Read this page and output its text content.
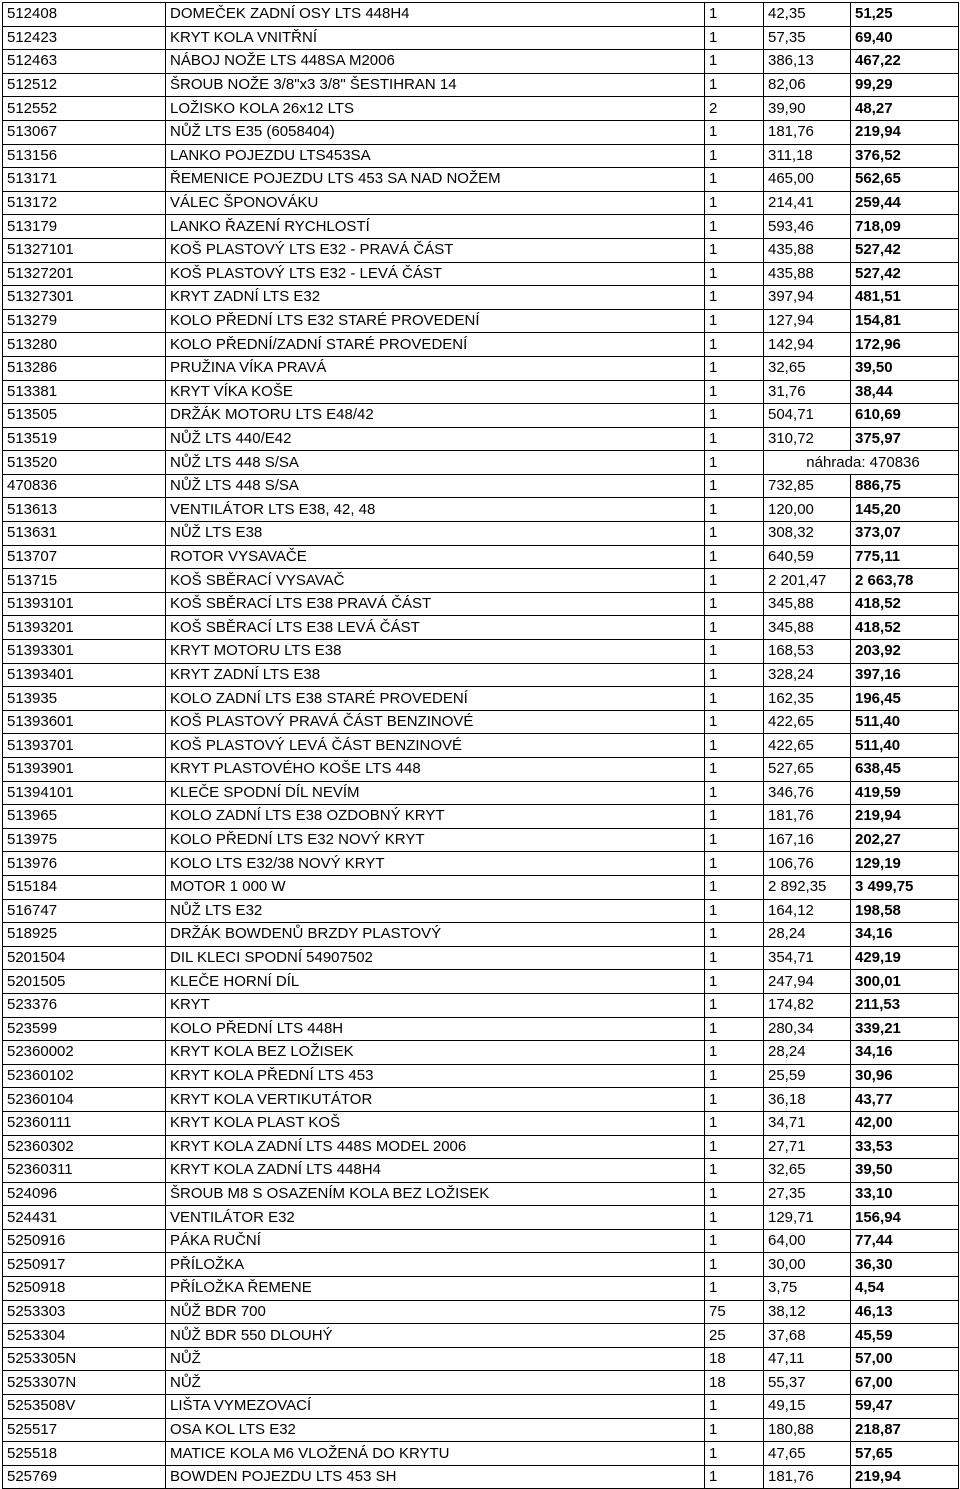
512408	DOMEČEK ZADNÍ OSY LTS 448H4	1	42,35	51,25
512423	KRYT KOLA VNITŘNÍ	1	57,35	69,40
512463	NÁBOJ NOŽE LTS 448SA M2006	1	386,13	467,22
512512	ŠROUB NOŽE 3/8"x3 3/8" ŠESTIHRAN 14	1	82,06	99,29
512552	LOŽISKO KOLA 26x12 LTS	2	39,90	48,27
513067	NŮŽ LTS E35 (6058404)	1	181,76	219,94
513156	LANKO POJEZDU LTS453SA	1	311,18	376,52
513171	ŘEMENICE POJEZDU LTS 453 SA NAD NOŽEM	1	465,00	562,65
513172	VÁLEC ŠPONOVÁKU	1	214,41	259,44
513179	LANKO ŘAZENÍ RYCHLOSTÍ	1	593,46	718,09
51327101	KOŠ PLASTOVÝ LTS E32 - PRAVÁ ČÁST	1	435,88	527,42
51327201	KOŠ PLASTOVÝ LTS E32 - LEVÁ ČÁST	1	435,88	527,42
51327301	KRYT ZADNÍ LTS E32	1	397,94	481,51
513279	KOLO PŘEDNÍ LTS E32 STARÉ PROVEDENÍ	1	127,94	154,81
513280	KOLO PŘEDNÍ/ZADNÍ STARÉ PROVEDENÍ	1	142,94	172,96
513286	PRUŽINA VÍKA PRAVÁ	1	32,65	39,50
513381	KRYT VÍKA KOŠE	1	31,76	38,44
513505	DRŽÁK MOTORU LTS E48/42	1	504,71	610,69
513519	NŮŽ LTS 440/E42	1	310,72	375,97
513520	NŮŽ LTS 448 S/SA	1	náhrada: 470836	
470836	NŮŽ LTS 448 S/SA	1	732,85	886,75
513613	VENTILÁTOR LTS E38, 42, 48	1	120,00	145,20
513631	NŮŽ LTS E38	1	308,32	373,07
513707	ROTOR VYSAVAČE	1	640,59	775,11
513715	KOŠ SBĚRACÍ VYSAVAČ	1	2 201,47	2 663,78
51393101	KOŠ SBĚRACÍ LTS E38 PRAVÁ ČÁST	1	345,88	418,52
51393201	KOŠ SBĚRACÍ LTS E38 LEVÁ ČÁST	1	345,88	418,52
51393301	KRYT MOTORU LTS E38	1	168,53	203,92
51393401	KRYT ZADNÍ LTS E38	1	328,24	397,16
513935	KOLO ZADNÍ LTS E38 STARÉ PROVEDENÍ	1	162,35	196,45
51393601	KOŠ PLASTOVÝ PRAVÁ ČÁST BENZINOVÉ	1	422,65	511,40
51393701	KOŠ PLASTOVÝ LEVÁ ČÁST BENZINOVÉ	1	422,65	511,40
51393901	KRYT PLASTOVÉHO KOŠE LTS 448	1	527,65	638,45
51394101	KLEČE SPODNÍ DÍL NEVÍM	1	346,76	419,59
513965	KOLO ZADNÍ LTS E38 OZDOBNÝ KRYT	1	181,76	219,94
513975	KOLO PŘEDNÍ LTS E32 NOVÝ KRYT	1	167,16	202,27
513976	KOLO LTS E32/38 NOVÝ KRYT	1	106,76	129,19
515184	MOTOR 1 000 W	1	2 892,35	3 499,75
516747	NŮŽ LTS E32	1	164,12	198,58
518925	DRŽÁK BOWDENŮ BRZDY PLASTOVÝ	1	28,24	34,16
5201504	DIL KLECI SPODNÍ 54907502	1	354,71	429,19
5201505	KLEČE HORNÍ DÍL	1	247,94	300,01
523376	KRYT	1	174,82	211,53
523599	KOLO PŘEDNÍ LTS 448H	1	280,34	339,21
52360002	KRYT KOLA BEZ LOŽISEK	1	28,24	34,16
52360102	KRYT KOLA PŘEDNÍ LTS 453	1	25,59	30,96
52360104	KRYT KOLA VERTIKUTÁTOR	1	36,18	43,77
52360111	KRYT KOLA PLAST KOŠ	1	34,71	42,00
52360302	KRYT KOLA ZADNÍ LTS 448S MODEL 2006	1	27,71	33,53
52360311	KRYT KOLA ZADNÍ LTS 448H4	1	32,65	39,50
524096	ŠROUB M8 S OSAZENÍM KOLA BEZ LOŽISEK	1	27,35	33,10
524431	VENTILÁTOR E32	1	129,71	156,94
5250916	PÁKA RUČNÍ	1	64,00	77,44
5250917	PŘÍLOŽKA	1	30,00	36,30
5250918	PŘÍLOŽKA ŘEMENE	1	3,75	4,54
5253303	NŮŽ BDR 700	75	38,12	46,13
5253304	NŮŽ BDR 550 DLOUHÝ	25	37,68	45,59
5253305N	NŮŽ	18	47,11	57,00
5253307N	NŮŽ	18	55,37	67,00
5253508V	LIŠTA VYMEZOVACÍ	1	49,15	59,47
525517	OSA KOL LTS E32	1	180,88	218,87
525518	MATICE KOLA M6 VLOŽENÁ DO KRYTU	1	47,65	57,65
525769	BOWDEN POJEZDU LTS 453 SH	1	181,76	219,94
